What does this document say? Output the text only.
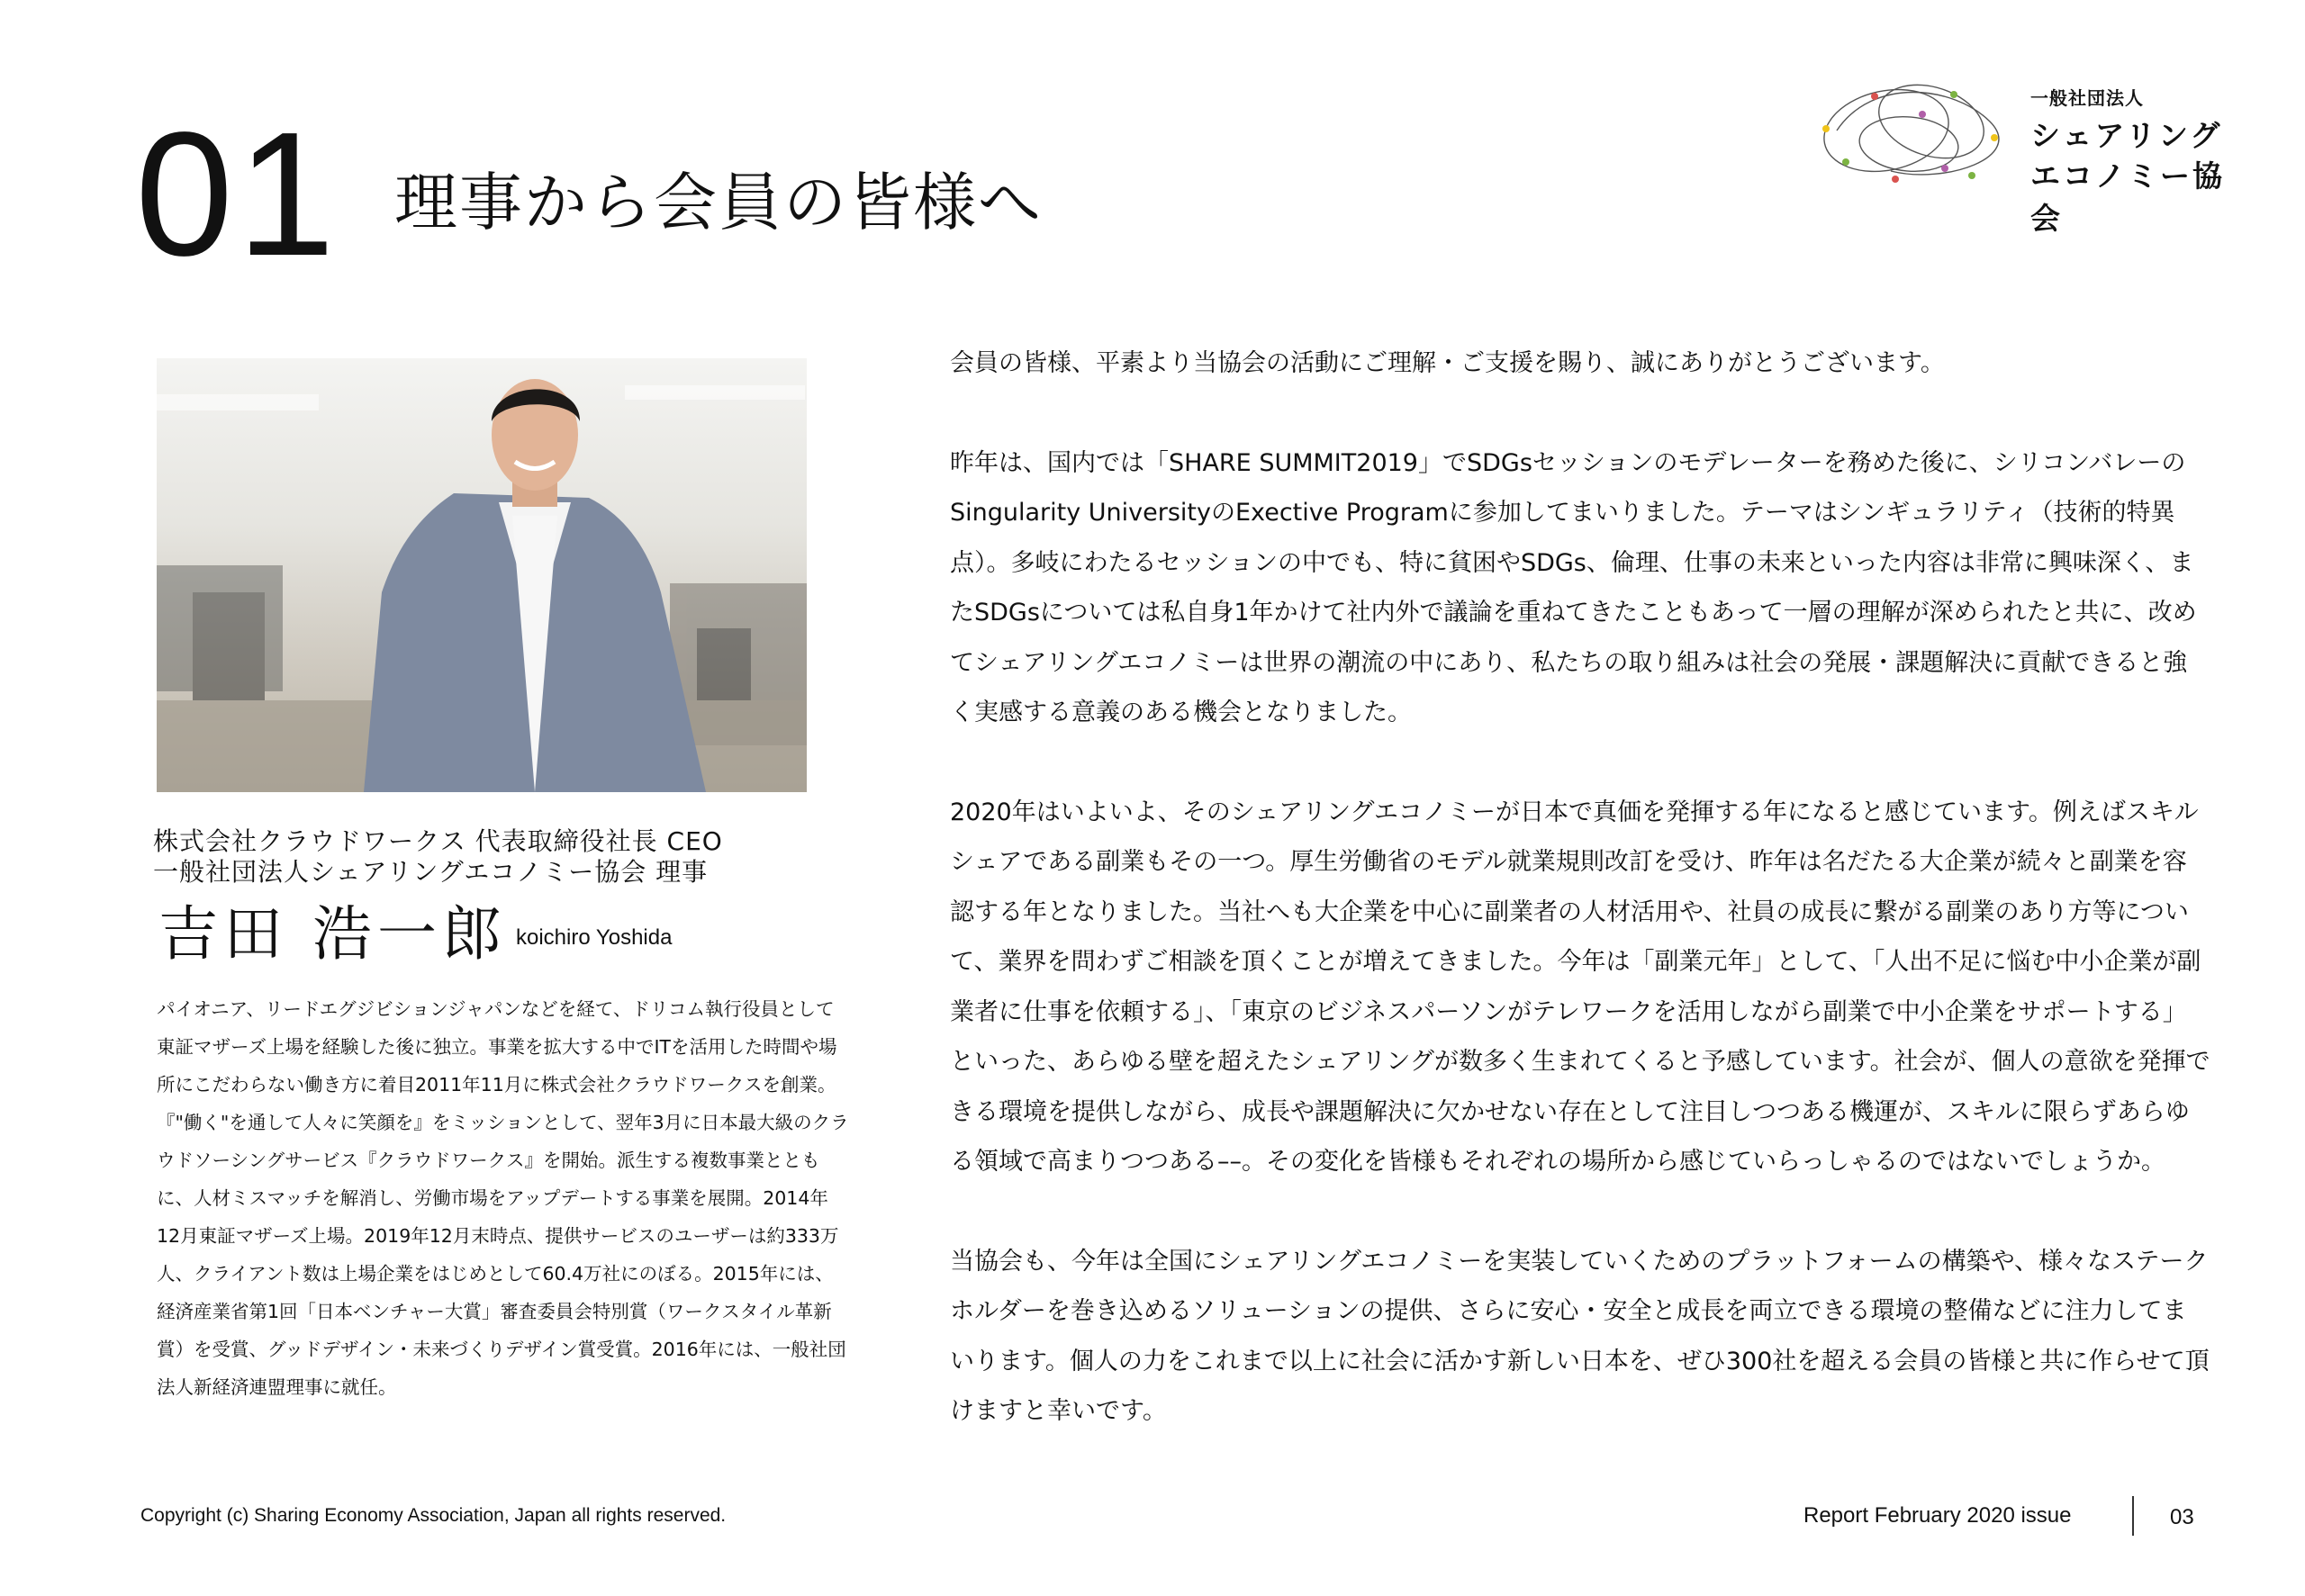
01 理事から会員の皆様へ
一般社団法人
シェアリング
エコノミー協会
株式会社クラウドワークス 代表取締役社長 CEO
一般社団法人シェアリングエコノミー協会 理事
吉田 浩一郎 koichiro Yoshida

パイオニア、リードエグジビションジャパンなどを経て、ドリコム執行役員として東証マザーズ上場を経験した後に独立。事業を拡大する中でITを活用した時間や場所にこだわらない働き方に着目2011年11月に株式会社クラウドワークスを創業。『"働く"を通して人々に笑顔を』をミッションとして、翌年3月に日本最大級のクラウドソーシングサービス『クラウドワークス』を開始。派生する複数事業とともに、人材ミスマッチを解消し、労働市場をアップデートする事業を展開。2014年12月東証マザーズ上場。2019年12月末時点、提供サービスのユーザーは約333万人、クライアント数は上場企業をはじめとして60.4万社にのぼる。2015年には、経済産業省第1回「日本ベンチャー大賞」審査委員会特別賞（ワークスタイル革新賞）を受賞、グッドデザイン・未来づくりデザイン賞受賞。2016年には、一般社団法人新経済連盟理事に就任。

会員の皆様、平素より当協会の活動にご理解・ご支援を賜り、誠にありがとうございます。

昨年は、国内では「SHARE SUMMIT2019」でSDGsセッションのモデレーターを務めた後に、シリコンバレーのSingularity UniversityのExective Programに参加してまいりました。テーマはシンギュラリティ（技術的特異点）。多岐にわたるセッションの中でも、特に貧困やSDGs、倫理、仕事の未来といった内容は非常に興味深く、またSDGsについては私自身1年かけて社内外で議論を重ねてきたこともあって一層の理解が深められたと共に、改めてシェアリングエコノミーは世界の潮流の中にあり、私たちの取り組みは社会の発展・課題解決に貢献できると強く実感する意義のある機会となりました。

2020年はいよいよ、そのシェアリングエコノミーが日本で真価を発揮する年になると感じています。例えばスキルシェアである副業もその一つ。厚生労働省のモデル就業規則改訂を受け、昨年は名だたる大企業が続々と副業を容認する年となりました。当社へも大企業を中心に副業者の人材活用や、社員の成長に繋がる副業のあり方等について、業界を問わずご相談を頂くことが増えてきました。今年は「副業元年」として、「人出不足に悩む中小企業が副業者に仕事を依頼する」、「東京のビジネスパーソンがテレワークを活用しながら副業で中小企業をサポートする」といった、あらゆる壁を超えたシェアリングが数多く生まれてくると予感しています。社会が、個人の意欲を発揮できる環境を提供しながら、成長や課題解決に欠かせない存在として注目しつつある機運が、スキルに限らずあらゆる領域で高まりつつある––。その変化を皆様もそれぞれの場所から感じていらっしゃるのではないでしょうか。

当協会も、今年は全国にシェアリングエコノミーを実装していくためのプラットフォームの構築や、様々なステークホルダーを巻き込めるソリューションの提供、さらに安心・安全と成長を両立できる環境の整備などに注力してまいります。個人の力をこれまで以上に社会に活かす新しい日本を、ぜひ300社を超える会員の皆様と共に作らせて頂けますと幸いです。

Copyright (c) Sharing Economy Association, Japan all rights reserved.	Report February 2020 issue	03
